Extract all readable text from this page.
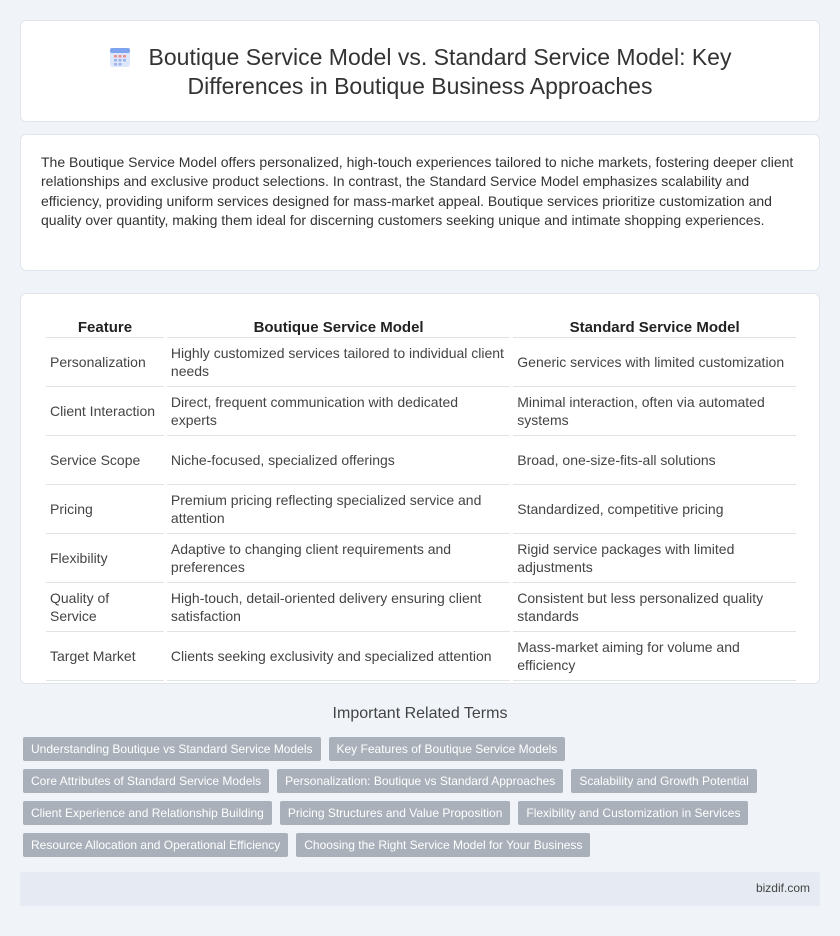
Boutique Service Model vs. Standard Service Model: Key Differences in Boutique Business Approaches

The Boutique Service Model offers personalized, high-touch experiences tailored to niche markets, fostering deeper client relationships and exclusive product selections. In contrast, the Standard Service Model emphasizes scalability and efficiency, providing uniform services designed for mass-market appeal. Boutique services prioritize customization and quality over quantity, making them ideal for discerning customers seeking unique and intimate shopping experiences.

Feature	Boutique Service Model	Standard Service Model
Personalization	Highly customized services tailored to individual client needs	Generic services with limited customization
Client Interaction	Direct, frequent communication with dedicated experts	Minimal interaction, often via automated systems
Service Scope	Niche-focused, specialized offerings	Broad, one-size-fits-all solutions
Pricing	Premium pricing reflecting specialized service and attention	Standardized, competitive pricing
Flexibility	Adaptive to changing client requirements and preferences	Rigid service packages with limited adjustments
Quality of Service	High-touch, detail-oriented delivery ensuring client satisfaction	Consistent but less personalized quality standards
Target Market	Clients seeking exclusivity and specialized attention	Mass-market aiming for volume and efficiency
Important Related Terms
Understanding Boutique vs Standard Service Models	Key Features of Boutique Service Models
Core Attributes of Standard Service Models	Personalization: Boutique vs Standard Approaches	Scalability and Growth Potential
Client Experience and Relationship Building	Pricing Structures and Value Proposition	Flexibility and Customization in Services
Resource Allocation and Operational Efficiency	Choosing the Right Service Model for Your Business
bizdif.com
